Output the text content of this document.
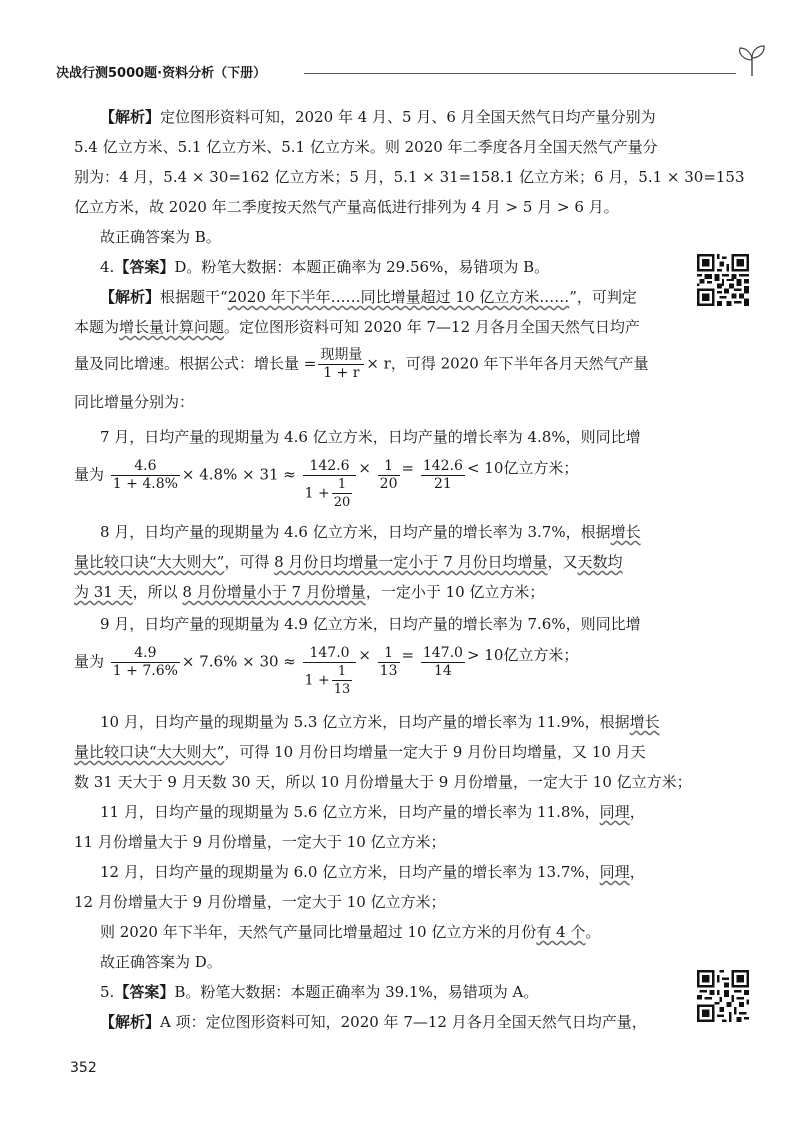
决战行测5000题·资料分析（下册）
【解析】定位图形资料可知，2020 年 4 月、5 月、6 月全国天然气日均产量分别为
5.4 亿立方米、5.1 亿立方米、5.1 亿立方米。则 2020 年二季度各月全国天然气产量分
别为：4 月，5.4 × 30=162 亿立方米；5 月，5.1 × 31=158.1 亿立方米；6 月，5.1 × 30=153
亿立方米，故 2020 年二季度按天然气产量高低进行排列为 4 月 > 5 月 > 6 月。
故正确答案为 B。
4.【答案】D。粉笔大数据：本题正确率为 29.56%，易错项为 B。
【解析】根据题干“2020 年下半年……同比增量超过 10 亿立方米……”，可判定
本题为增长量计算问题。定位图形资料可知 2020 年 7—12 月各月全国天然气日均产
量及同比增速。根据公式：增长量 = $\frac{\text{现期量}}{1 + r} \times r$，可得 2020 年下半年各月天然气产量
同比增量分别为：
7 月，日均产量的现期量为 4.6 亿立方米，日均产量的增长率为 4.8%，则同比增
量为 $\frac{4.6}{1 + 4.8\%} \times 4.8\% \times 31 \approx \frac{142.6}{1 + \frac{1}{20}} \times \frac{1}{20} = \frac{142.6}{21} < 10$亿立方米；
8 月，日均产量的现期量为 4.6 亿立方米，日均产量的增长率为 3.7%，根据增长
量比较口诀“大大则大”，可得 8 月份日均增量一定小于 7 月份日均增量，又天数均
为 31 天，所以 8 月份增量小于 7 月份增量，一定小于 10 亿立方米；
9 月，日均产量的现期量为 4.9 亿立方米，日均产量的增长率为 7.6%，则同比增
量为 $\frac{4.9}{1 + 7.6\%} \times 7.6\% \times 30 \approx \frac{147.0}{1 + \frac{1}{13}} \times \frac{1}{13} = \frac{147.0}{14} > 10$亿立方米；
10 月，日均产量的现期量为 5.3 亿立方米，日均产量的增长率为 11.9%，根据增长
量比较口诀“大大则大”，可得 10 月份日均增量一定大于 9 月份日均增量，又 10 月天
数 31 天大于 9 月天数 30 天，所以 10 月份增量大于 9 月份增量，一定大于 10 亿立方米；
11 月，日均产量的现期量为 5.6 亿立方米，日均产量的增长率为 11.8%，同理，
11 月份增量大于 9 月份增量，一定大于 10 亿立方米；
12 月，日均产量的现期量为 6.0 亿立方米，日均产量的增长率为 13.7%，同理，
12 月份增量大于 9 月份增量，一定大于 10 亿立方米；
则 2020 年下半年，天然气产量同比增量超过 10 亿立方米的月份有 4 个。
故正确答案为 D。
5.【答案】B。粉笔大数据：本题正确率为 39.1%，易错项为 A。
【解析】A 项：定位图形资料可知，2020 年 7—12 月各月全国天然气日均产量，
352
